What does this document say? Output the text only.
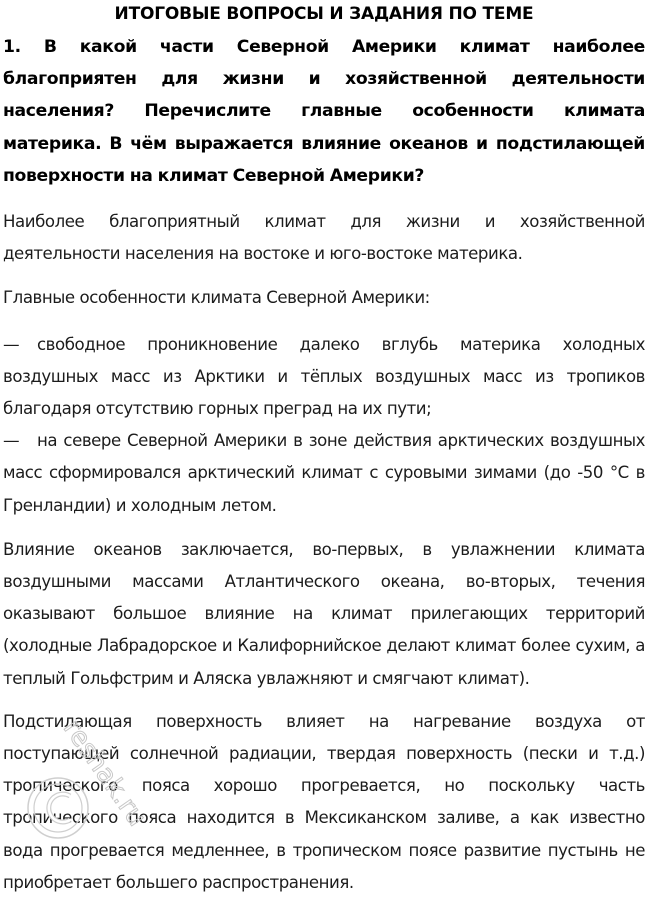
ИТОГОВЫЕ ВОПРОСЫ И ЗАДАНИЯ ПО ТЕМЕ

1. В какой части Северной Америки климат наиболее благоприятен для жизни и хозяйственной деятельности населения? Перечислите главные особенности климата материка. В чём выражается влияние океанов и подстилающей поверхности на климат Северной Америки?

Наиболее благоприятный климат для жизни и хозяйственной деятельности населения на востоке и юго-востоке материка.

Главные особенности климата Северной Америки:

— свободное проникновение далеко вглубь материка холодных воздушных масс из Арктики и тёплых воздушных масс из тропиков благодаря отсутствию горных преград на их пути;

— на севере Северной Америки в зоне действия арктических воздушных масс сформировался арктический климат с суровыми зимами (до -50 °С в Гренландии) и холодным летом.

Влияние океанов заключается, во-первых, в увлажнении климата воздушными массами Атлантического океана, во-вторых, течения оказывают большое влияние на климат прилегающих территорий (холодные Лабрадорское и Калифорнийское делают климат более сухим, а теплый Гольфстрим и Аляска увлажняют и смягчают климат).

Подстилающая поверхность влияет на нагревание воздуха от поступающей солнечной радиации, твердая поверхность (пески и т.д.) тропического пояса хорошо прогревается, но поскольку часть тропического пояса находится в Мексиканском заливе, а как известно вода прогревается медленнее, в тропическом поясе развитие пустынь не приобретает большего распространения.

reshak.ru
